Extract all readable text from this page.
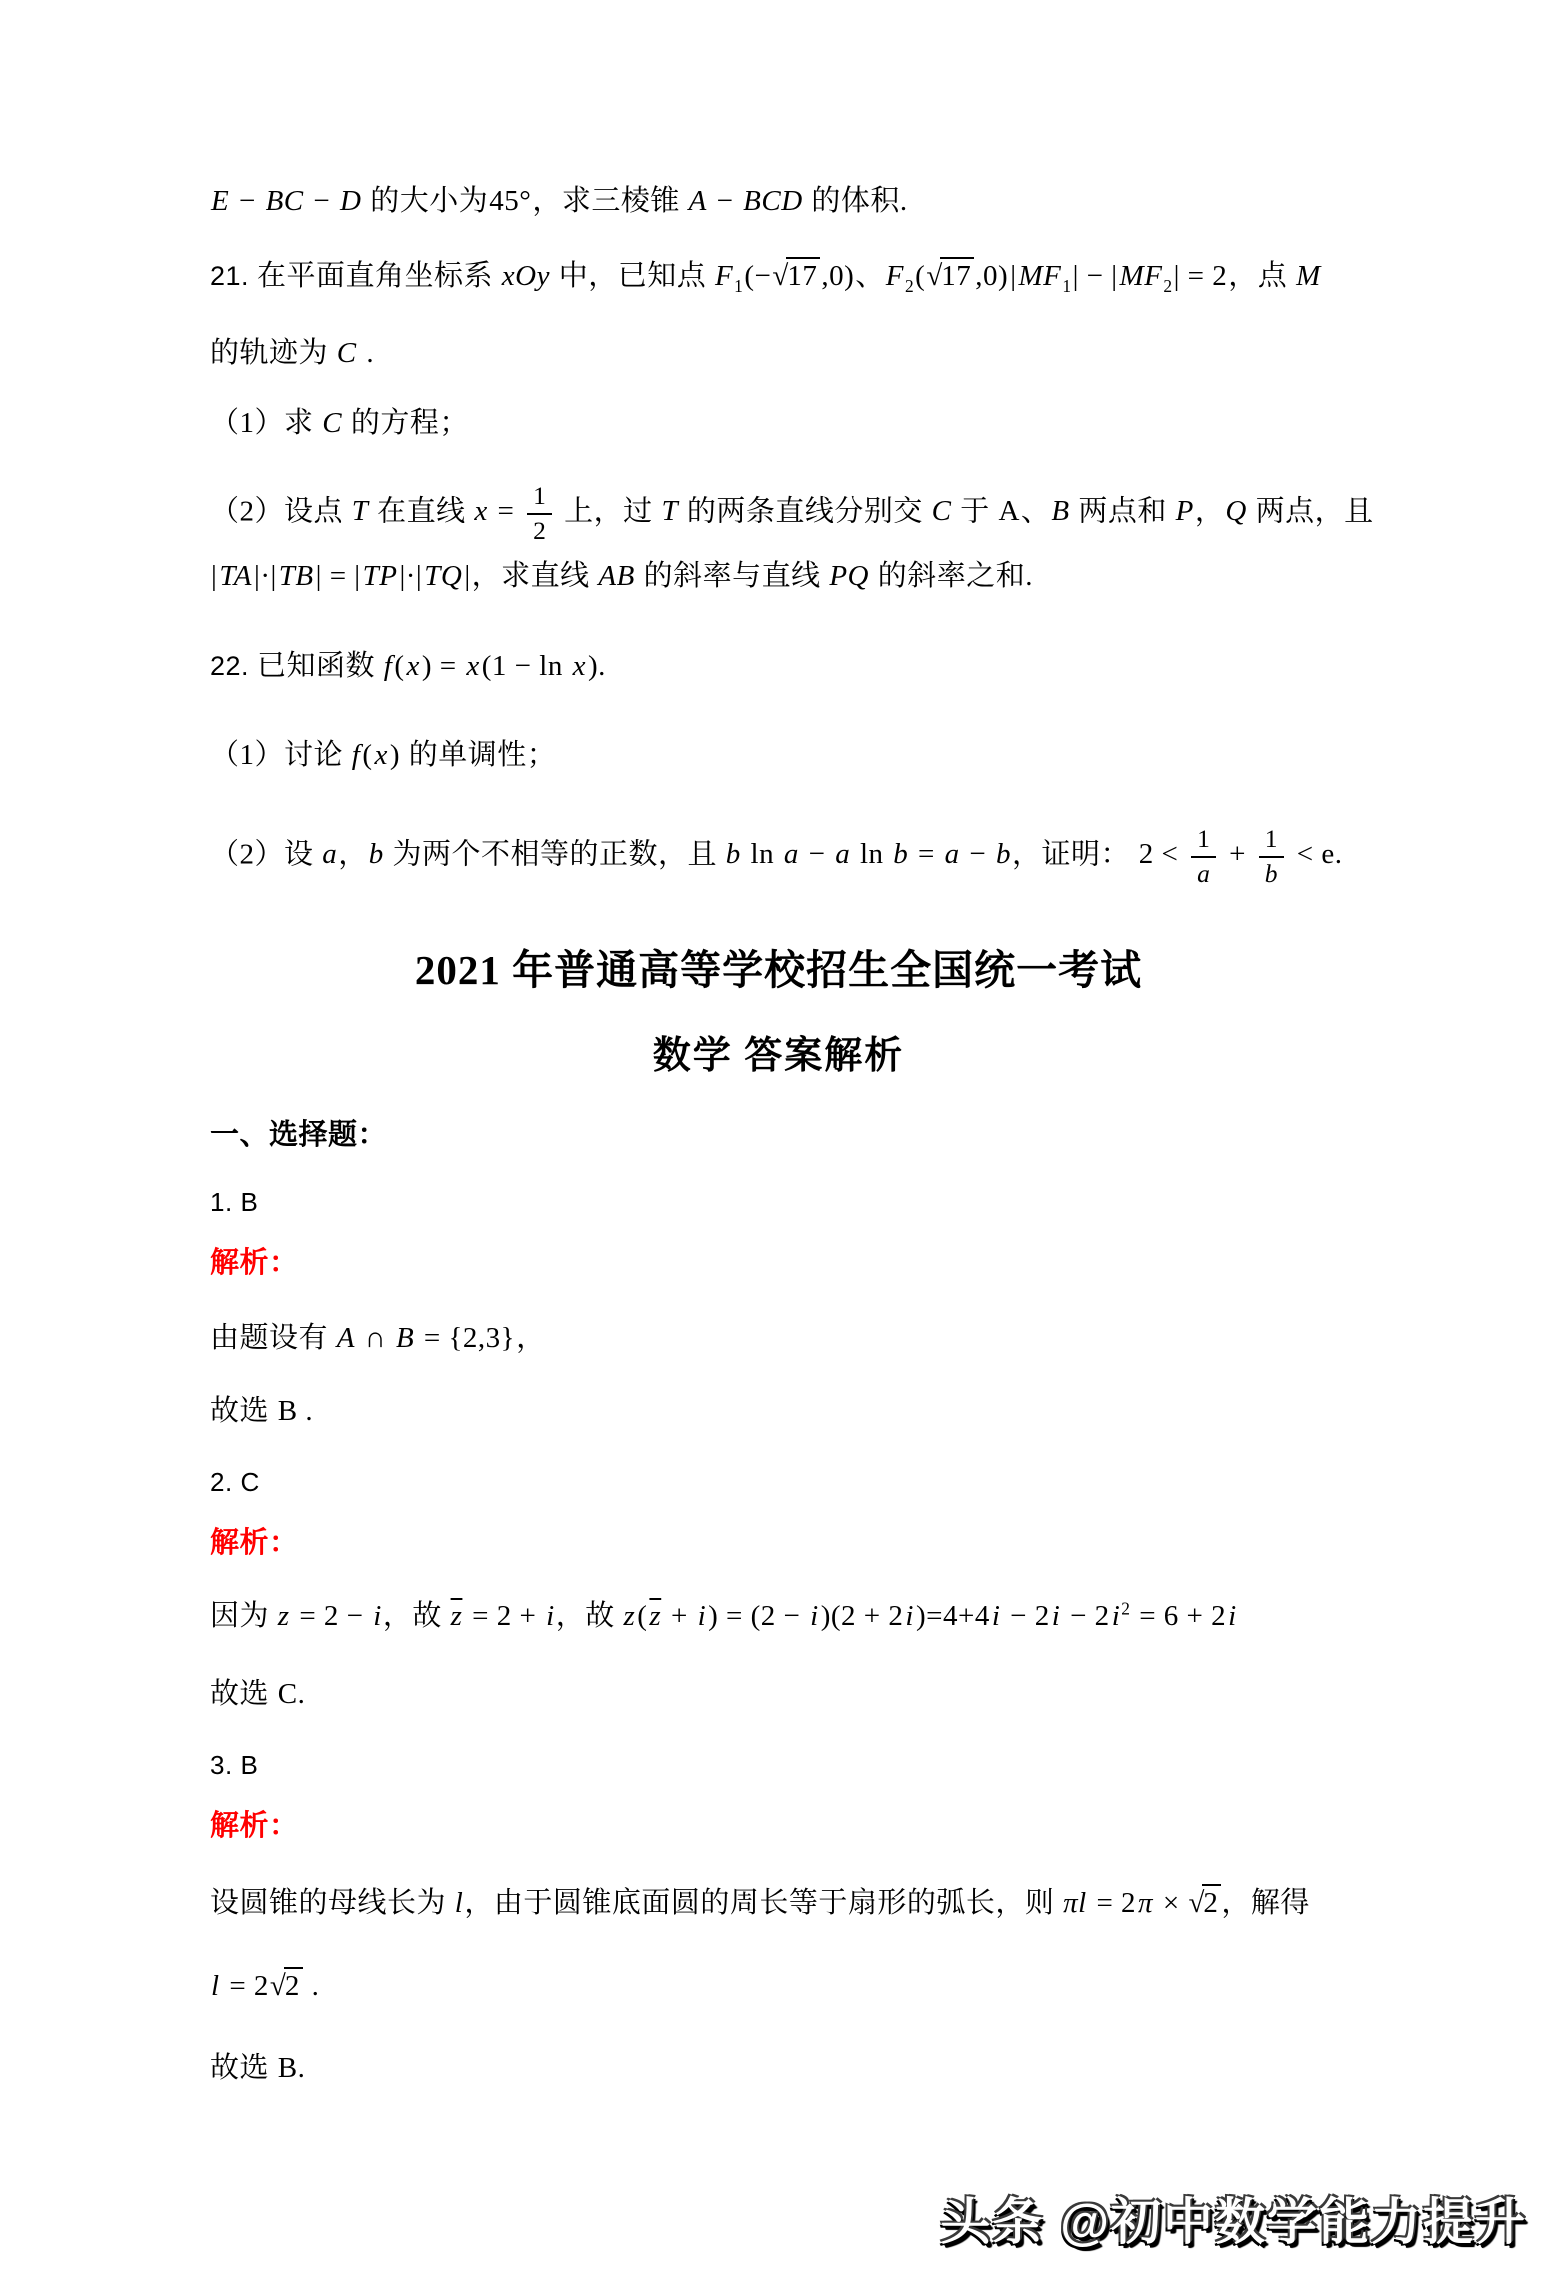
E − BC − D 的大小为45°，求三棱锥 A − BCD 的体积.
21. 在平面直角坐标系 xOy 中，已知点 $F_1(-√17$ ,0)、$F_2(√17$ $,0)|MF_1| - |MF_2| = 2$，点 M
的轨迹为 C .
（1）求 C 的方程；
（2）设点 T 在直线 $x = \frac{1}{2}$ 上，过 T 的两条直线分别交 C 于 A、B 两点和 P，Q 两点，且
|TA|·|TB| = |TP|·|TQ|，求直线 AB 的斜率与直线 PQ 的斜率之和.
22. 已知函数 f(x) = x(1 − ln x).
（1）讨论 f(x) 的单调性；
（2）设 a，b 为两个不相等的正数，且 b ln a − a ln b = a − b，证明： $2 < \frac{1}{a} + \frac{1}{b} < e$.
2021 年普通高等学校招生全国统一考试
数学 答案解析
一、选择题：
1. B
解析：
由题设有 A ∩ B = {2,3}，
故选 B .
2. C
解析：
因为 z = 2 − i，故 $\overline{z} = 2 + i$，故 $z(\overline{z} + i) = (2 - i)(2 + 2i)=4+4i - 2i - 2i^2 = 6 + 2i$
故选 C.
3. B
解析：
设圆锥的母线长为 l，由于圆锥底面圆的周长等于扇形的弧长，则 πl = 2π × √2 ，解得
l = 2√2 .
故选 B.
头条 @初中数学能力提升
